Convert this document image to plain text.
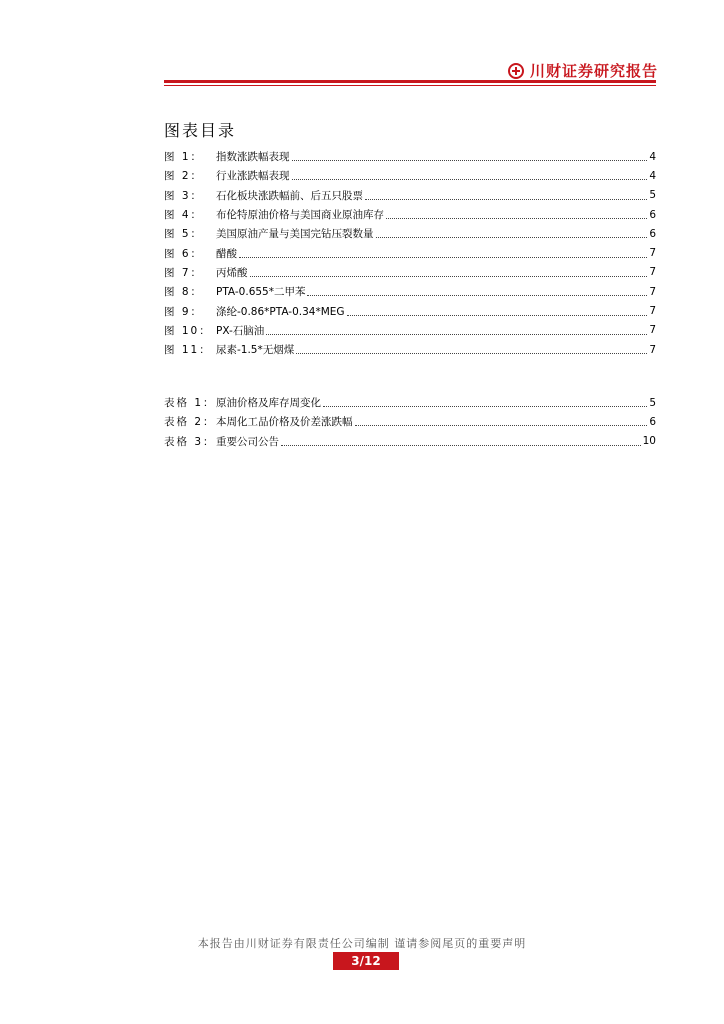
川财证券研究报告
图表目录
图 1：	指数涨跌幅表现	4
图 2：	行业涨跌幅表现	4
图 3：	石化板块涨跌幅前、后五只股票	5
图 4：	布伦特原油价格与美国商业原油库存	6
图 5：	美国原油产量与美国完钻压裂数量	6
图 6：	醋酸	7
图 7：	丙烯酸	7
图 8：	PTA-0.655*二甲苯	7
图 9：	涤纶-0.86*PTA-0.34*MEG	7
图 10： PX-石脑油	7
图 11： 尿素-1.5*无烟煤	7
表格 1： 原油价格及库存周变化	5
表格 2： 本周化工品价格及价差涨跌幅	6
表格 3： 重要公司公告	10
本报告由川财证券有限责任公司编制 谨请参阅尾页的重要声明
3/12
